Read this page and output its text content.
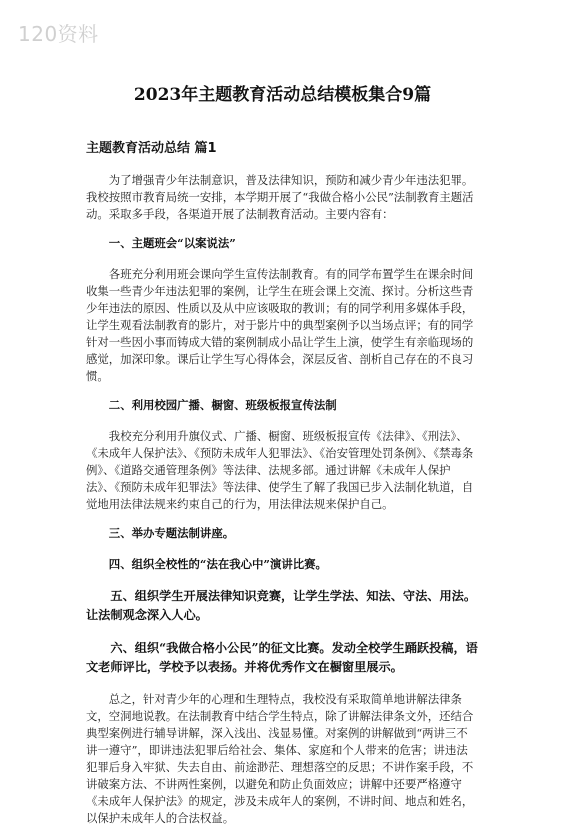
120资料
2023年主题教育活动总结模板集合9篇
主题教育活动总结 篇1

为了增强青少年法制意识，普及法律知识，预防和减少青少年违法犯罪。我校按照市教育局统一安排，本学期开展了“我做合格小公民”法制教育主题活动。采取多手段，各渠道开展了法制教育活动。主要内容有：

一、主题班会“以案说法”

各班充分利用班会课向学生宣传法制教育。有的同学布置学生在课余时间收集一些青少年违法犯罪的案例，让学生在班会课上交流、探讨。分析这些青少年违法的原因、性质以及从中应该吸取的教训；有的同学利用多媒体手段，让学生观看法制教育的影片，对于影片中的典型案例予以当场点评；有的同学针对一些因小事而铸成大错的案例制成小品让学生上演，使学生有亲临现场的感觉，加深印象。课后让学生写心得体会，深层反省、剖析自己存在的不良习惯。

二、利用校园广播、橱窗、班级板报宣传法制

我校充分利用升旗仪式、广播、橱窗、班级板报宣传《法律》、《刑法》、《未成年人保护法》、《预防未成年人犯罪法》、《治安管理处罚条例》、《禁毒条例》、《道路交通管理条例》等法律、法规多部。通过讲解《未成年人保护法》、《预防未成年犯罪法》等法律、使学生了解了我国已步入法制化轨道，自觉地用法律法规来约束自己的行为，用法律法规来保护自己。

三、举办专题法制讲座。

四、组织全校性的“法在我心中”演讲比赛。

五、组织学生开展法律知识竞赛，让学生学法、知法、守法、用法。让法制观念深入人心。

六、组织“我做合格小公民”的征文比赛。发动全校学生踊跃投稿，语文老师评比，学校予以表扬。并将优秀作文在橱窗里展示。

总之，针对青少年的心理和生理特点，我校没有采取简单地讲解法律条文，空洞地说教。在法制教育中结合学生特点，除了讲解法律条文外，还结合典型案例进行辅导讲解，深入浅出、浅显易懂。对案例的讲解做到“两讲三不讲一遵守”，即讲违法犯罪后给社会、集体、家庭和个人带来的危害；讲违法犯罪后身入牢狱、失去自由、前途渺茫、理想落空的反思；不讲作案手段，不讲破案方法、不讲两性案例，以避免和防止负面效应；讲解中还要严格遵守《未成年人保护法》的规定，涉及未成年人的案例，不讲时间、地点和姓名，以保护未成年人的合法权益。
